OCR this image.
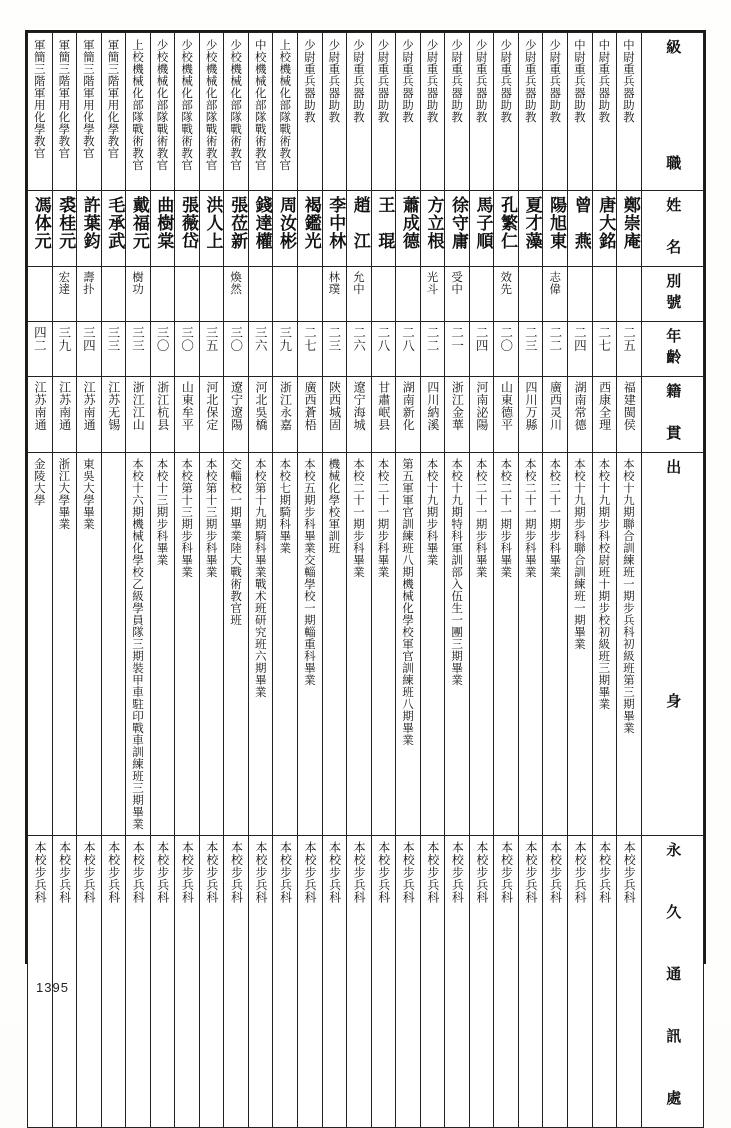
軍簡三階軍用化學教官	軍簡三階軍用化學教官	軍簡三階軍用化學教官	軍簡三階軍用化學教官	上校機械化部隊戰術教官	少校機械化部隊戰術教官	少校機械化部隊戰術教官	少校機械化部隊戰術教官	少校機械化部隊戰術教官	中校機械化部隊戰術教官	上校機械化部隊戰術教官	少尉重兵器助教	少尉重兵器助教	少尉重兵器助教	少尉重兵器助教	少尉重兵器助教	少尉重兵器助教	少尉重兵器助教	少尉重兵器助教	少尉重兵器助教	少尉重兵器助教	少尉重兵器助教	中尉重兵器助教	中尉重兵器助教	中尉重兵器助教	級　　　職

馮体元	裘桂元	許葉鈞	毛承武	戴福元	曲樹棠	張薇岱	洪人上	張莅新	錢達權	周汝彬	褐鑑光	李中林	趙　江	王　琨	蕭成德	方立根	徐守庸	馬子順	孔繁仁	夏才藻	陽旭東	曾　燕	唐大銘	鄭崇庵	姓　名

	宏達	壽扑		樹功				煥然				林璞	允中			光斗	受中		效先		志偉				別號

四二	三九	三四	三三	三三	三〇	三〇	三五	三〇	三六	三九	二七	二三	二六	二八	二八	二二	二一	二四	二〇	二三	二二	二四	二七	二五	年齡

江苏南通	江苏南通	江苏南通	江苏无锡	浙江江山	浙江杭县	山東牟平	河北保定	遼宁遼陽	河北吳橋	浙江永嘉	廣西蒼梧	陝西城固	遼宁海城	甘肅岷县	湖南新化	四川納溪	浙江金華	河南泌陽	山東德平	四川万縣	廣西灵川	湖南常德	西康全理	福建閩侯	籍　貫

金陵大學	浙江大學畢業	東吳大學畢業		本校十六期機械化學校乙級學員隊三期裝甲車駐印戰車訓練班三期畢業	本校十三期步科畢業	本校第十三期步科畢業	本校第十三期步科畢業	交輜校一期畢業陸大戰術教官班	本校第十九期騎科畢業戰术班研究班六期畢業	本校七期騎科畢業	本校五期步科畢業交輜學校一期輜重科畢業	機械化學校軍訓班	本校二十一期步科畢業	本校二十一期步科畢業	第五軍軍官訓練班八期機械化學校軍官訓練班八期畢業	本校十九期步科畢業	本校十九期特科軍訓部入伍生一團三期畢業	本校二十一期步科畢業	本校二十一期步科畢業	本校二十一期步科畢業	本校二十一期步科畢業	本校十九期步科聯合訓練班一期畢業	本校十九期步科校尉班十期步校初級班三期畢業	本校十九期聯合訓練班一期步兵科初級班第三期畢業	出　　　　　身

本校步兵科	本校步兵科	本校步兵科	本校步兵科	本校步兵科	本校步兵科	本校步兵科	本校步兵科	本校步兵科	本校步兵科	本校步兵科	本校步兵科	本校步兵科	本校步兵科	本校步兵科	本校步兵科	本校步兵科	本校步兵科	本校步兵科	本校步兵科	本校步兵科	本校步兵科	本校步兵科	本校步兵科	本校步兵科	永　久　通　訊　處
1395
